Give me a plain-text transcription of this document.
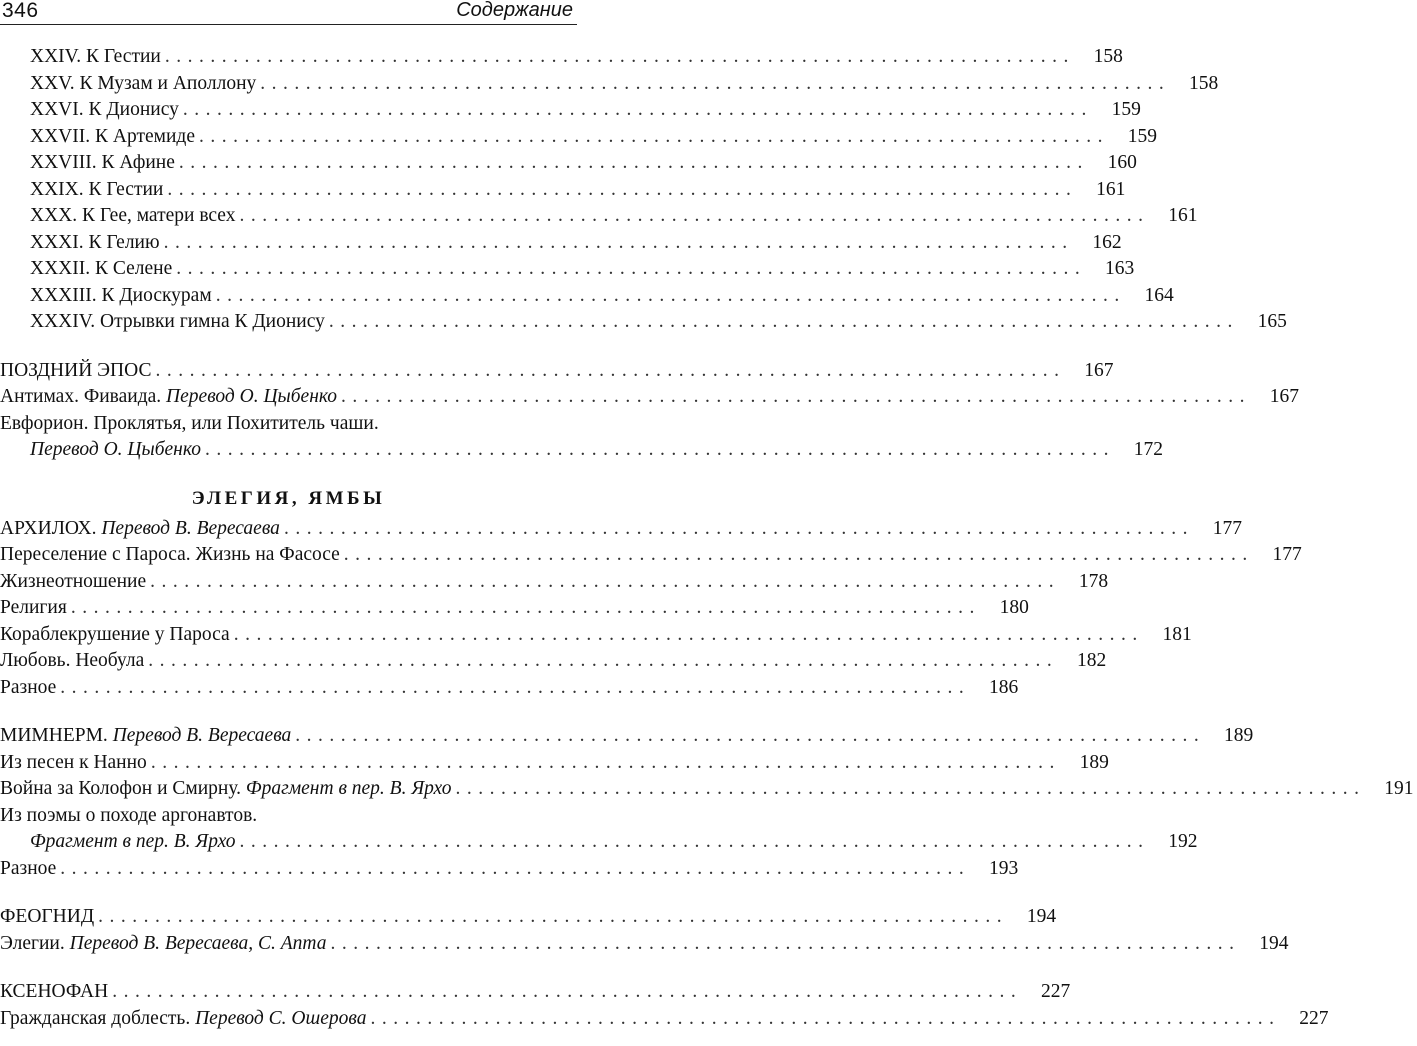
346	Содержание
XXIV. К Гестии ................................................................................ 158
XXV. К Музам и Аполлону ................................................................................ 158
XXVI. К Дионису ................................................................................ 159
XXVII. К Артемиде ................................................................................ 159
XXVIII. К Афине ................................................................................ 160
XXIX. К Гестии ................................................................................ 161
XXX. К Гее, матери всех ................................................................................ 161
XXXI. К Гелию ................................................................................ 162
XXXII. К Селене ................................................................................ 163
XXXIII. К Диоскурам ................................................................................ 164
XXXIV. Отрывки гимна К Дионису ................................................................................ 165
ПОЗДНИЙ ЭПОС ................................................................................ 167
Антимах. Фиваида. Перевод О. Цыбенко ................................................................................ 167
Евфорион. Проклятья, или Похититель чаши.
Перевод О. Цыбенко ................................................................................ 172
ЭЛЕГИЯ, ЯМБЫ
АРХИЛОХ. Перевод В. Вересаева ................................................................................ 177
Переселение с Пароса. Жизнь на Фасосе ................................................................................ 177
Жизнеотношение ................................................................................ 178
Религия ................................................................................ 180
Кораблекрушение у Пароса ................................................................................ 181
Любовь. Необула ................................................................................ 182
Разное ................................................................................ 186
МИМНЕРМ. Перевод В. Вересаева ................................................................................ 189
Из песен к Нанно ................................................................................ 189
Война за Колофон и Смирну. Фрагмент в пер. В. Ярхо ................................................................................ 191
Из поэмы о походе аргонавтов.
Фрагмент в пер. В. Ярхо ................................................................................ 192
Разное ................................................................................ 193
ФЕОГНИД ................................................................................ 194
Элегии. Перевод В. Вересаева, С. Апта ................................................................................ 194
КСЕНОФАН ................................................................................ 227
Гражданская доблесть. Перевод С. Ошерова ................................................................................ 227
